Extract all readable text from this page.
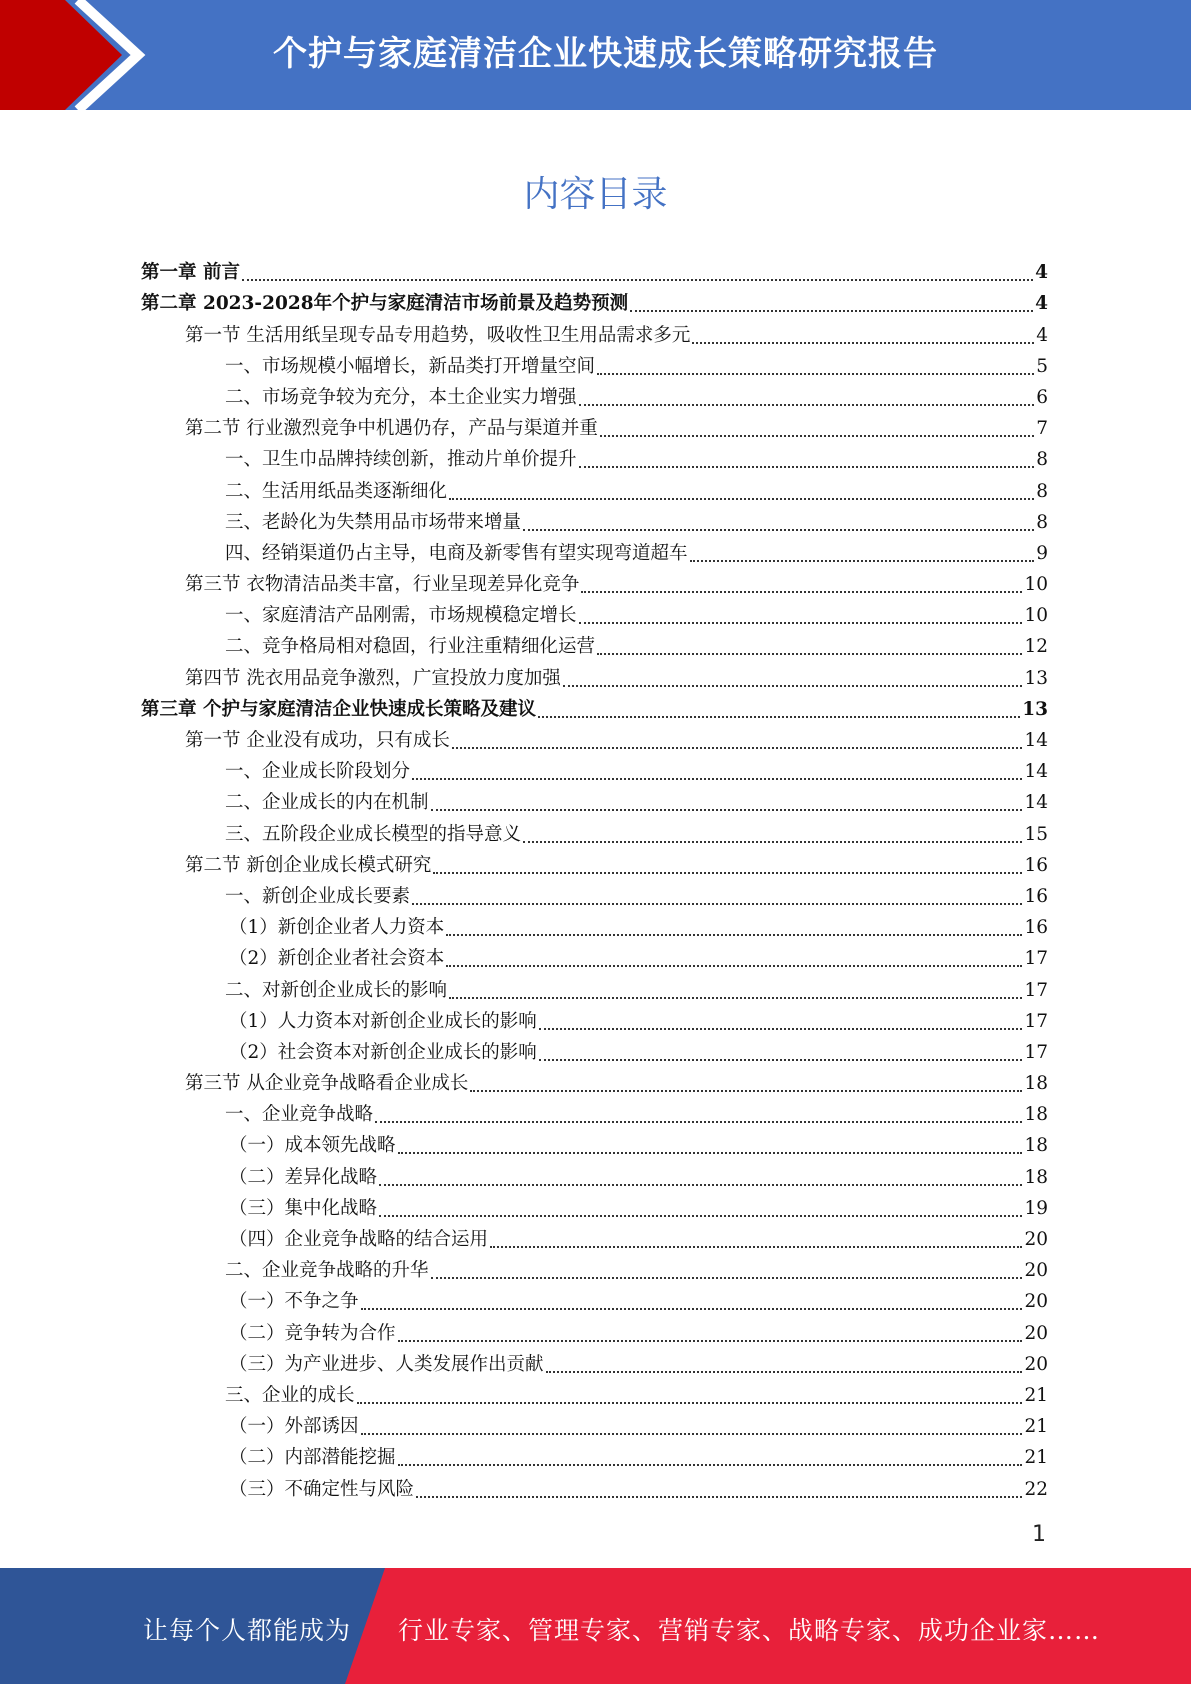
个护与家庭清洁企业快速成长策略研究报告
内容目录
第一章 前言	4
第二章 2023-2028年个护与家庭清洁市场前景及趋势预测	4
第一节 生活用纸呈现专品专用趋势，吸收性卫生用品需求多元	4
一、市场规模小幅增长，新品类打开增量空间	5
二、市场竞争较为充分，本土企业实力增强	6
第二节 行业激烈竞争中机遇仍存，产品与渠道并重	7
一、卫生巾品牌持续创新，推动片单价提升	8
二、生活用纸品类逐渐细化	8
三、老龄化为失禁用品市场带来增量	8
四、经销渠道仍占主导，电商及新零售有望实现弯道超车	9
第三节 衣物清洁品类丰富，行业呈现差异化竞争	10
一、家庭清洁产品刚需，市场规模稳定增长	10
二、竞争格局相对稳固，行业注重精细化运营	12
第四节 洗衣用品竞争激烈，广宣投放力度加强	13
第三章 个护与家庭清洁企业快速成长策略及建议	13
第一节 企业没有成功，只有成长	14
一、企业成长阶段划分	14
二、企业成长的内在机制	14
三、五阶段企业成长模型的指导意义	15
第二节 新创企业成长模式研究	16
一、新创企业成长要素	16
（1）新创企业者人力资本	16
（2）新创企业者社会资本	17
二、对新创企业成长的影响	17
（1）人力资本对新创企业成长的影响	17
（2）社会资本对新创企业成长的影响	17
第三节 从企业竞争战略看企业成长	18
一、企业竞争战略	18
（一）成本领先战略	18
（二）差异化战略	18
（三）集中化战略	19
（四）企业竞争战略的结合运用	20
二、企业竞争战略的升华	20
（一）不争之争	20
（二）竞争转为合作	20
（三）为产业进步、人类发展作出贡献	20
三、企业的成长	21
（一）外部诱因	21
（二）内部潜能挖掘	21
（三）不确定性与风险	22
1
让每个人都能成为 行业专家、管理专家、营销专家、战略专家、成功企业家……
